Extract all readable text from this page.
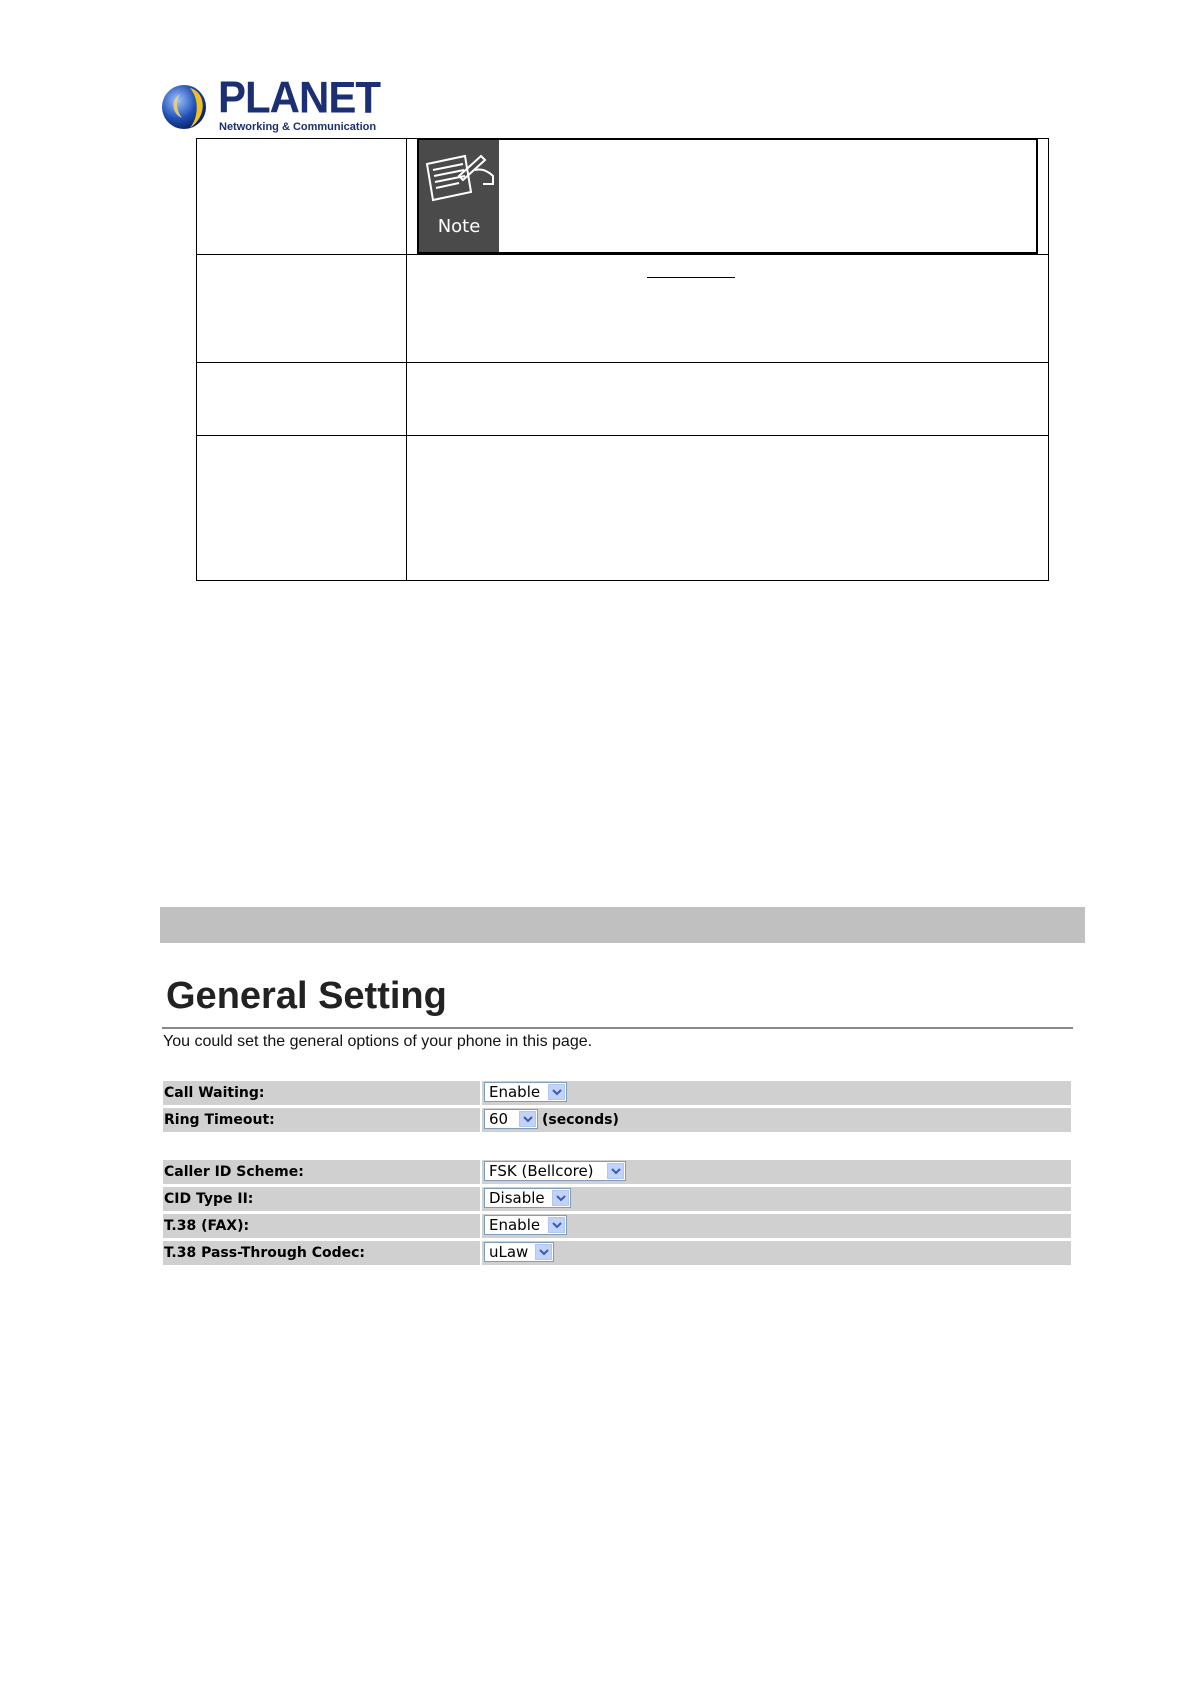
PLANET
Networking & Communication

	Note

General Setting
You could set the general options of your phone in this page.
Call Waiting:	Enable
Ring Timeout:	60	(seconds)
Caller ID Scheme:	FSK (Bellcore)
CID Type II:	Disable
T.38 (FAX):	Enable
T.38 Pass-Through Codec:	uLaw
